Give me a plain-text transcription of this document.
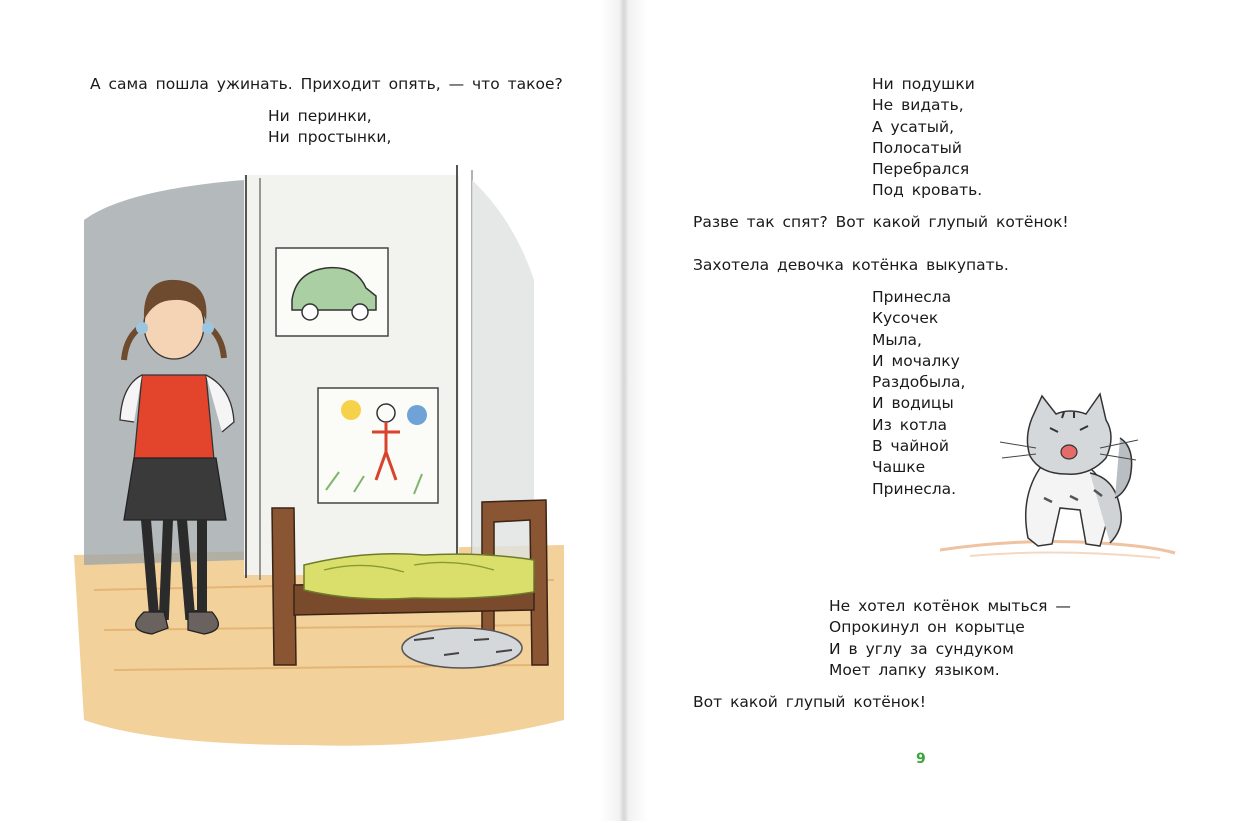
А сама пошла ужинать. Приходит опять, — что такое?
Ни перинки,
Ни простынки,
Ни подушки
Не видать,
А усатый,
Полосатый
Перебрался
Под кровать.
Разве так спят? Вот какой глупый котёнок!
Захотела девочка котёнка выкупать.
Принесла
Кусочек
Мыла,
И мочалку
Раздобыла,
И водицы
Из котла
В чайной
Чашке
Принесла.
Не хотел котёнок мыться —
Опрокинул он корытце
И в углу за сундуком
Моет лапку языком.
Вот какой глупый котёнок!
9
